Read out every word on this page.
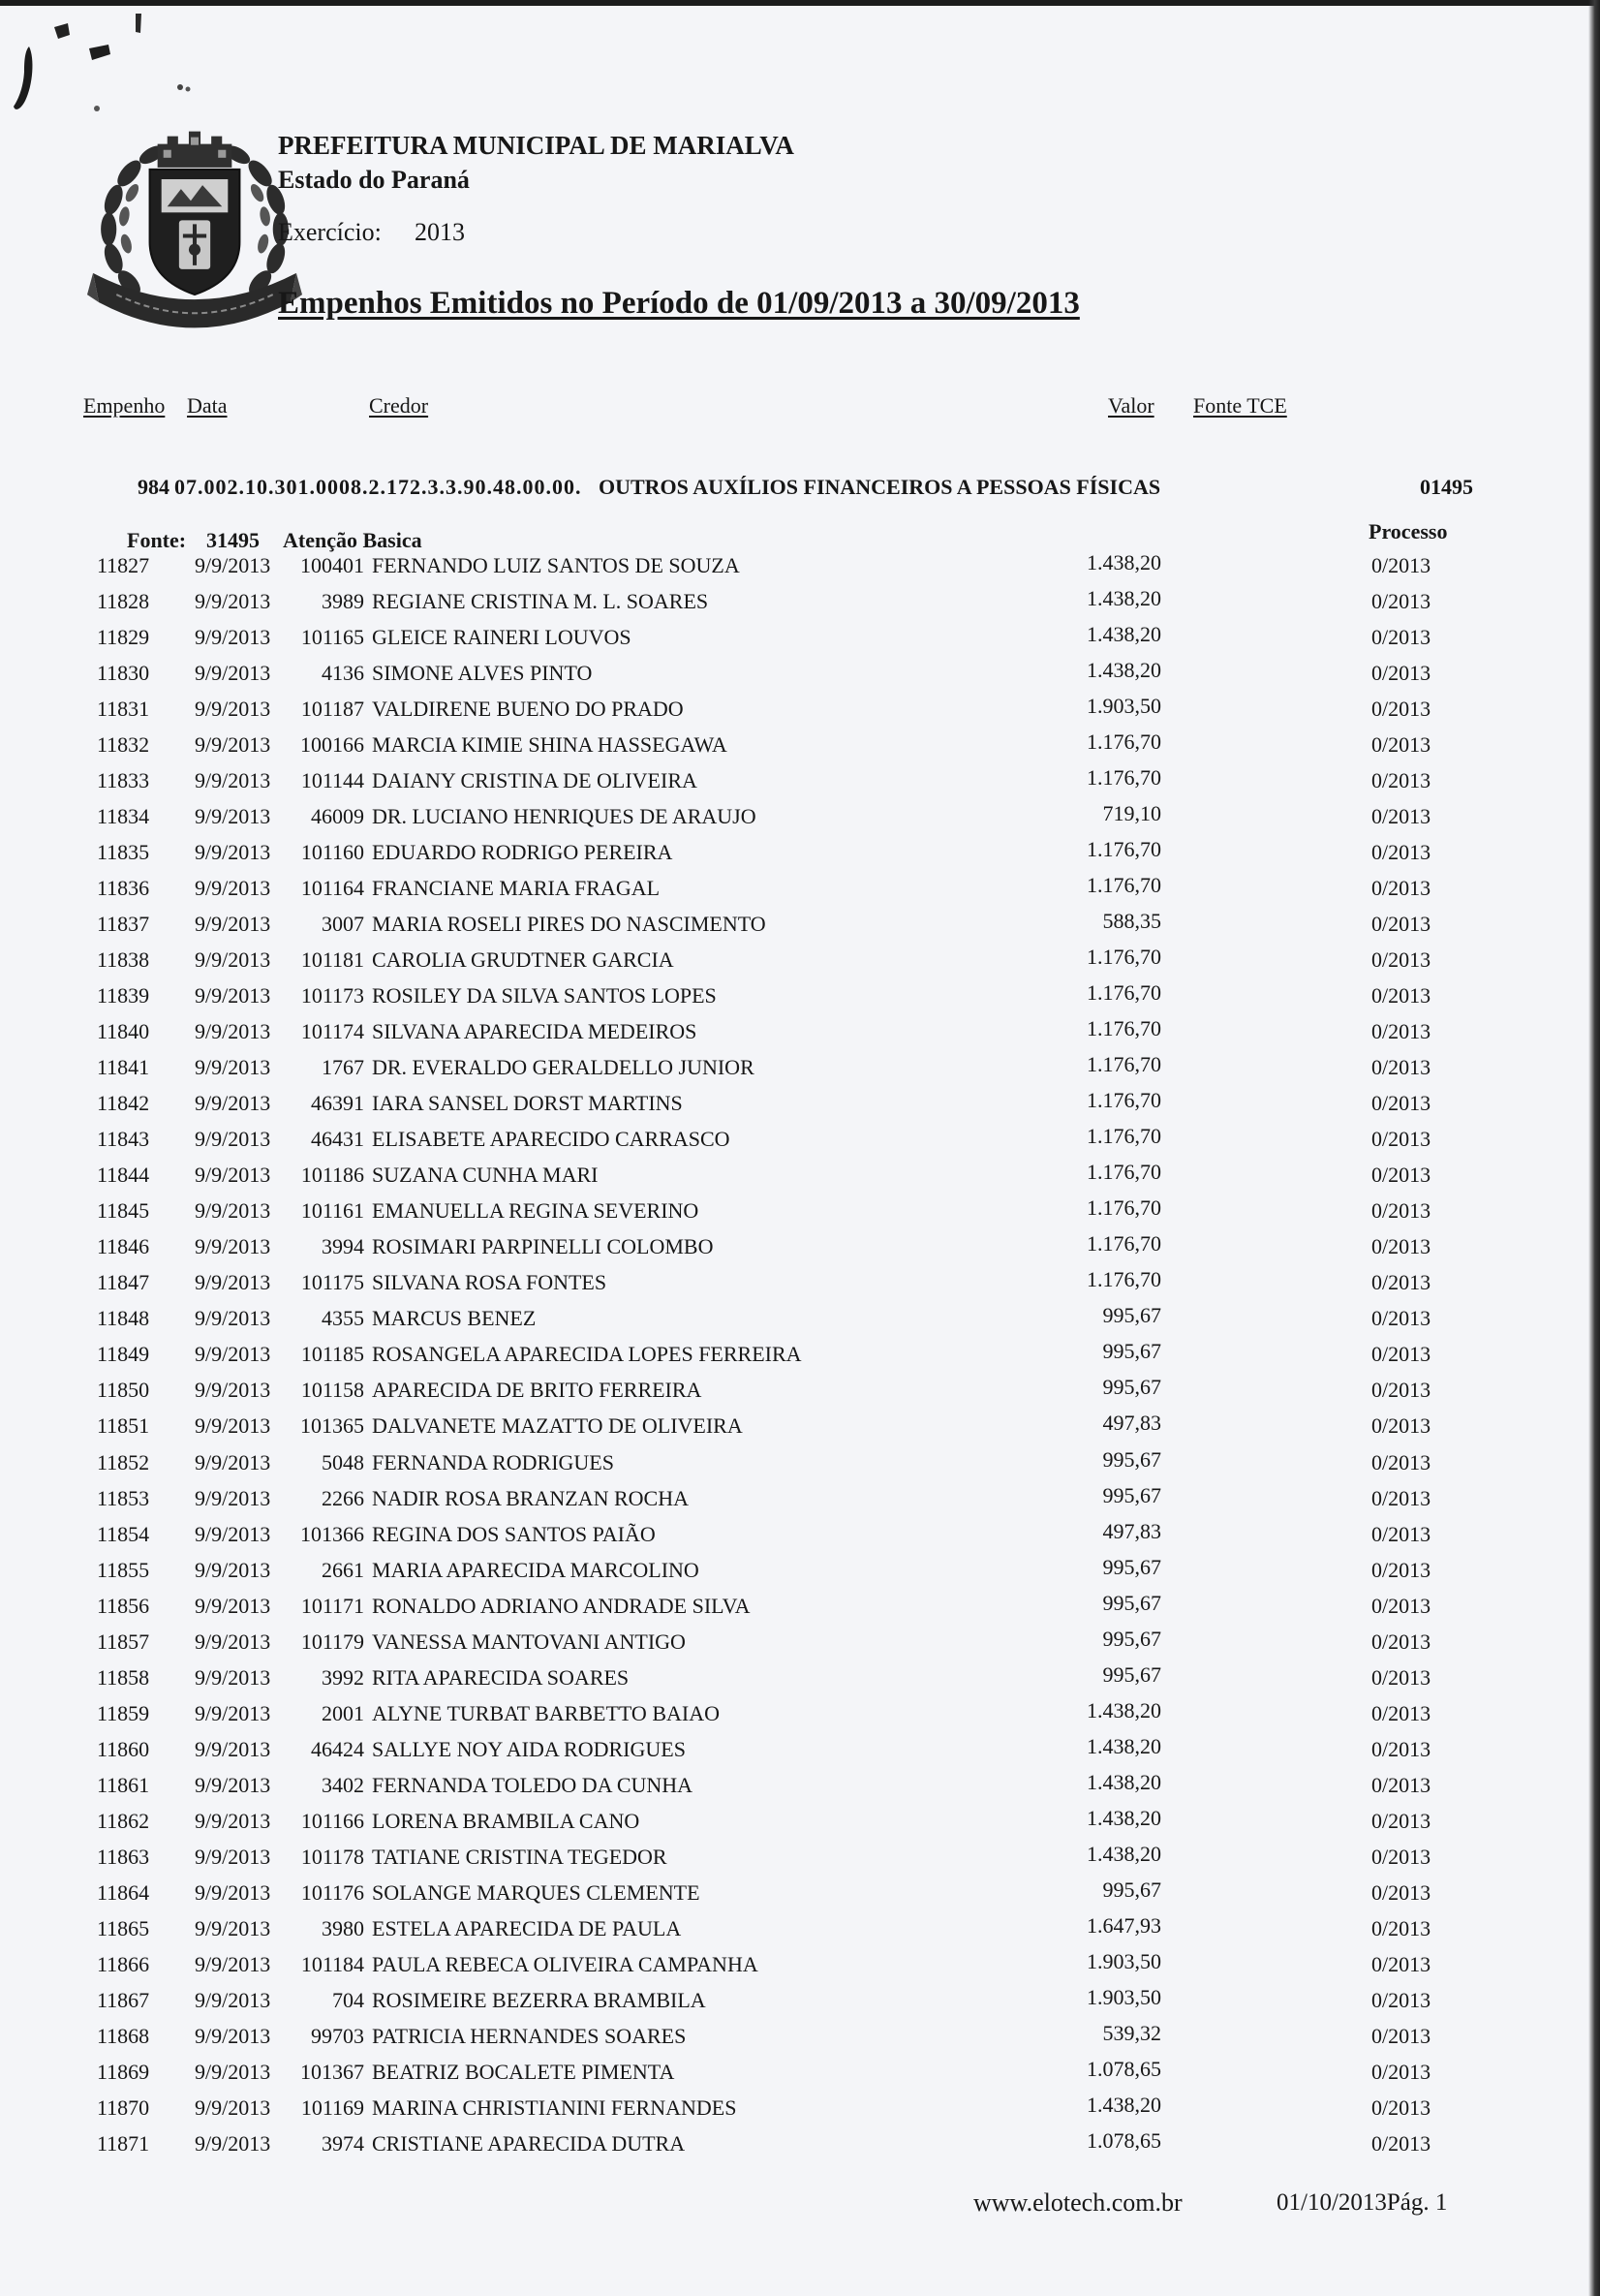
PREFEITURA MUNICIPAL DE MARIALVA
Estado do Paraná
Exercício: 2013
Empenhos Emitidos no Período de 01/09/2013 a 30/09/2013
Empenho Data	Credor	Valor Fonte TCE
984 07.002.10.301.0008.2.172.3.3.90.48.00.00. OUTROS AUXÍLIOS FINANCEIROS A PESSOAS FÍSICAS	01495
Fonte: 31495 Atenção Basica	Processo
11827 9/9/2013	100401 FERNANDO LUIZ SANTOS DE SOUZA	1.438,20	0/2013
11828 9/9/2013	3989 REGIANE CRISTINA M. L. SOARES	1.438,20	0/2013
11829 9/9/2013	101165 GLEICE RAINERI LOUVOS	1.438,20	0/2013
11830 9/9/2013	4136 SIMONE ALVES PINTO	1.438,20	0/2013
11831 9/9/2013	101187 VALDIRENE BUENO DO PRADO	1.903,50	0/2013
11832 9/9/2013	100166 MARCIA KIMIE SHINA HASSEGAWA	1.176,70	0/2013
11833 9/9/2013	101144 DAIANY CRISTINA DE OLIVEIRA	1.176,70	0/2013
11834 9/9/2013	46009 DR. LUCIANO HENRIQUES DE ARAUJO	719,10	0/2013
11835 9/9/2013	101160 EDUARDO RODRIGO PEREIRA	1.176,70	0/2013
11836 9/9/2013	101164 FRANCIANE MARIA FRAGAL	1.176,70	0/2013
11837 9/9/2013	3007 MARIA ROSELI PIRES DO NASCIMENTO	588,35	0/2013
11838 9/9/2013	101181 CAROLIA GRUDTNER GARCIA	1.176,70	0/2013
11839 9/9/2013	101173 ROSILEY DA SILVA SANTOS LOPES	1.176,70	0/2013
11840 9/9/2013	101174 SILVANA APARECIDA MEDEIROS	1.176,70	0/2013
11841 9/9/2013	1767 DR. EVERALDO GERALDELLO JUNIOR	1.176,70	0/2013
11842 9/9/2013	46391 IARA SANSEL DORST MARTINS	1.176,70	0/2013
11843 9/9/2013	46431 ELISABETE APARECIDO CARRASCO	1.176,70	0/2013
11844 9/9/2013	101186 SUZANA CUNHA MARI	1.176,70	0/2013
11845 9/9/2013	101161 EMANUELLA REGINA SEVERINO	1.176,70	0/2013
11846 9/9/2013	3994 ROSIMARI PARPINELLI COLOMBO	1.176,70	0/2013
11847 9/9/2013	101175 SILVANA ROSA FONTES	1.176,70	0/2013
11848 9/9/2013	4355 MARCUS BENEZ	995,67	0/2013
11849 9/9/2013	101185 ROSANGELA APARECIDA LOPES FERREIRA	995,67	0/2013
11850 9/9/2013	101158 APARECIDA DE BRITO FERREIRA	995,67	0/2013
11851 9/9/2013	101365 DALVANETE MAZATTO DE OLIVEIRA	497,83	0/2013
11852 9/9/2013	5048 FERNANDA RODRIGUES	995,67	0/2013
11853 9/9/2013	2266 NADIR ROSA BRANZAN ROCHA	995,67	0/2013
11854 9/9/2013	101366 REGINA DOS SANTOS PAIÃO	497,83	0/2013
11855 9/9/2013	2661 MARIA APARECIDA MARCOLINO	995,67	0/2013
11856 9/9/2013	101171 RONALDO ADRIANO ANDRADE SILVA	995,67	0/2013
11857 9/9/2013	101179 VANESSA MANTOVANI ANTIGO	995,67	0/2013
11858 9/9/2013	3992 RITA APARECIDA SOARES	995,67	0/2013
11859 9/9/2013	2001 ALYNE TURBAT BARBETTO BAIAO	1.438,20	0/2013
11860 9/9/2013	46424 SALLYE NOY AIDA RODRIGUES	1.438,20	0/2013
11861 9/9/2013	3402 FERNANDA TOLEDO DA CUNHA	1.438,20	0/2013
11862 9/9/2013	101166 LORENA BRAMBILA CANO	1.438,20	0/2013
11863 9/9/2013	101178 TATIANE CRISTINA TEGEDOR	1.438,20	0/2013
11864 9/9/2013	101176 SOLANGE MARQUES CLEMENTE	995,67	0/2013
11865 9/9/2013	3980 ESTELA APARECIDA DE PAULA	1.647,93	0/2013
11866 9/9/2013	101184 PAULA REBECA OLIVEIRA CAMPANHA	1.903,50	0/2013
11867 9/9/2013	704 ROSIMEIRE BEZERRA BRAMBILA	1.903,50	0/2013
11868 9/9/2013	99703 PATRICIA HERNANDES SOARES	539,32	0/2013
11869 9/9/2013	101367 BEATRIZ BOCALETE PIMENTA	1.078,65	0/2013
11870 9/9/2013	101169 MARINA CHRISTIANINI FERNANDES	1.438,20	0/2013
11871 9/9/2013	3974 CRISTIANE APARECIDA DUTRA	1.078,65	0/2013
www.elotech.com.br	01/10/2013Pág. 1
